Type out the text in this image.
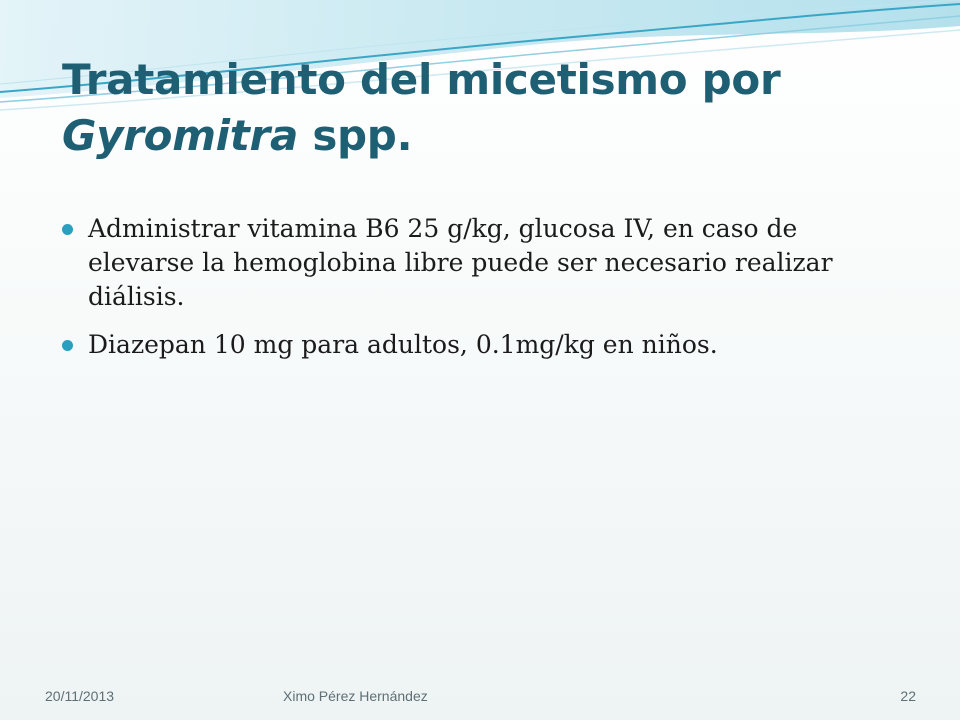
Tratamiento del micetismo por
Gyromitra spp.
Administrar vitamina B6 25 g/kg, glucosa IV, en caso de elevarse la hemoglobina libre puede ser necesario realizar diálisis.
Diazepan 10 mg para adultos, 0.1mg/kg en niños.
20/11/2013	Ximo Pérez Hernández	22
